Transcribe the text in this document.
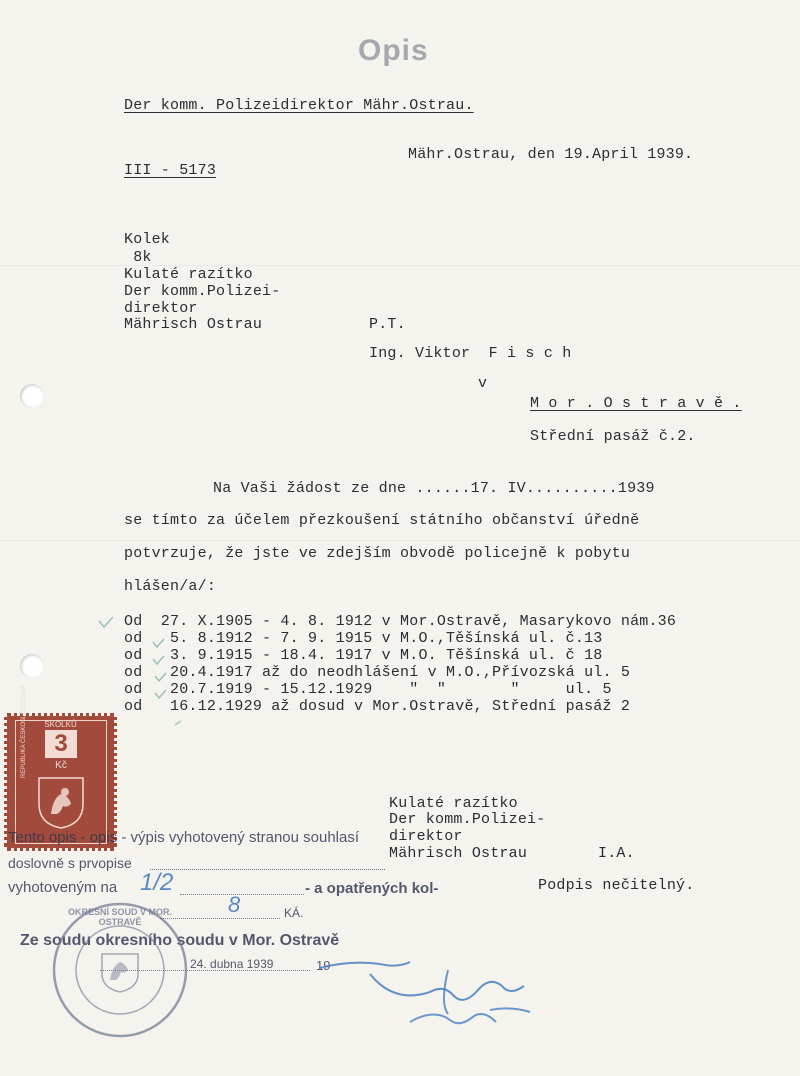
Opis
Der komm. Polizeidirektor Mähr.Ostrau.
Mähr.Ostrau, den 19.April 1939.
III - 5173
Kolek
8k
Kulaté razítko
Der komm.Polizei-
direktor
Mährisch Ostrau	P.T.
Ing. Viktor  F i s c h
v
M o r . O s t r a v ě .
Střední pasáž č.2.
Na Vaši žádost ze dne ......17. IV..........1939
se tímto za účelem přezkoušení státního občanství úředně
potvrzuje, že jste ve zdejším obvodě policejně k pobytu
hlášen/a/:
Od  27. X.1905 - 4. 8. 1912 v Mor.Ostravě, Masarykovo nám.36
od   5. 8.1912 - 7. 9. 1915 v M.O.,Těšínská ul. č.13
od   3. 9.1915 - 18.4. 1917 v M.O. Těšínská ul. č 18
od   20.4.1917 až do neodhlášení v M.O.,Přívozská ul. 5
od   20.7.1919 - 15.12.1929    "  "       "     ul. 5
od   16.12.1929 až dosud v Mor.Ostravě, Střední pasáž 2
Kulaté razítko
Der komm.Polizei-
direktor
Mährisch Ostrau	I.A.
Podpis nečitelný.
SKOLKŮ
3
Kč
REPUBLIKA ČESKOSLOVENSKÁ
Tento opis - opis - výpis vyhotovený stranou souhlasí
doslovně s prvopise
vyhotoveným na 1/2	- a opatřených kol-
8	KÁ.
Ze soudu okresního soudu v Mor. Ostravě
24. dubna 1939	19
OKRESNÍ SOUD V MOR. OSTRAVĚ
